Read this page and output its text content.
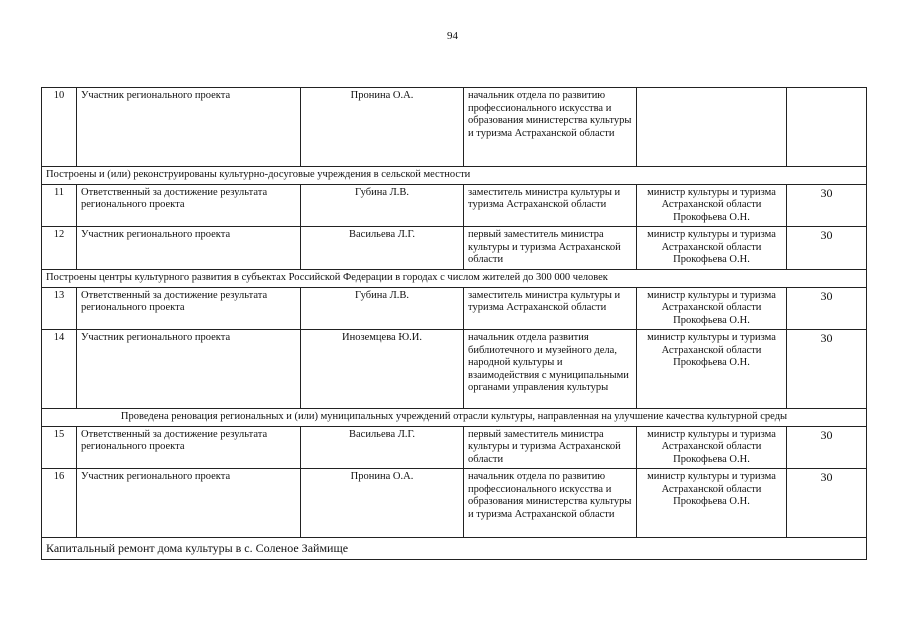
94
10	Участник регионального проекта	Пронина О.А.	начальник отдела по развитию профессионального искусства и образования министерства культуры и туризма Астраханской области		
Построены и (или) реконструированы культурно-досуговые учреждения в сельской местности					
11	Ответственный за достижение результата регионального проекта	Губина Л.В.	заместитель министра культуры и туризма Астраханской области	министр культуры и туризма Астраханской области Прокофьева О.Н.	30
12	Участник регионального проекта	Васильева Л.Г.	первый заместитель министра культуры и туризма Астраханской области	министр культуры и туризма Астраханской области Прокофьева О.Н.	30
Построены центры культурного развития в субъектах Российской Федерации в городах с числом жителей до 300 000 человек					
13	Ответственный за достижение результата регионального проекта	Губина Л.В.	заместитель министра культуры и туризма Астраханской области	министр культуры и туризма Астраханской области Прокофьева О.Н.	30
14	Участник регионального проекта	Иноземцева Ю.И.	начальник отдела развития библиотечного и музейного дела, народной культуры и взаимодействия с муниципальными органами управления культуры	министр культуры и туризма Астраханской области Прокофьева О.Н.	30
Проведена реновация региональных и (или) муниципальных учреждений отрасли культуры, направленная на улучшение качества культурной среды					
15	Ответственный за достижение результата регионального проекта	Васильева Л.Г.	первый заместитель министра культуры и туризма Астраханской области	министр культуры и туризма Астраханской области Прокофьева О.Н.	30
16	Участник регионального проекта	Пронина О.А.	начальник отдела по развитию профессионального искусства и образования министерства культуры и туризма Астраханской области	министр культуры и туризма Астраханской области Прокофьева О.Н.	30
Капитальный ремонт дома культуры в с. Соленое Займище					
